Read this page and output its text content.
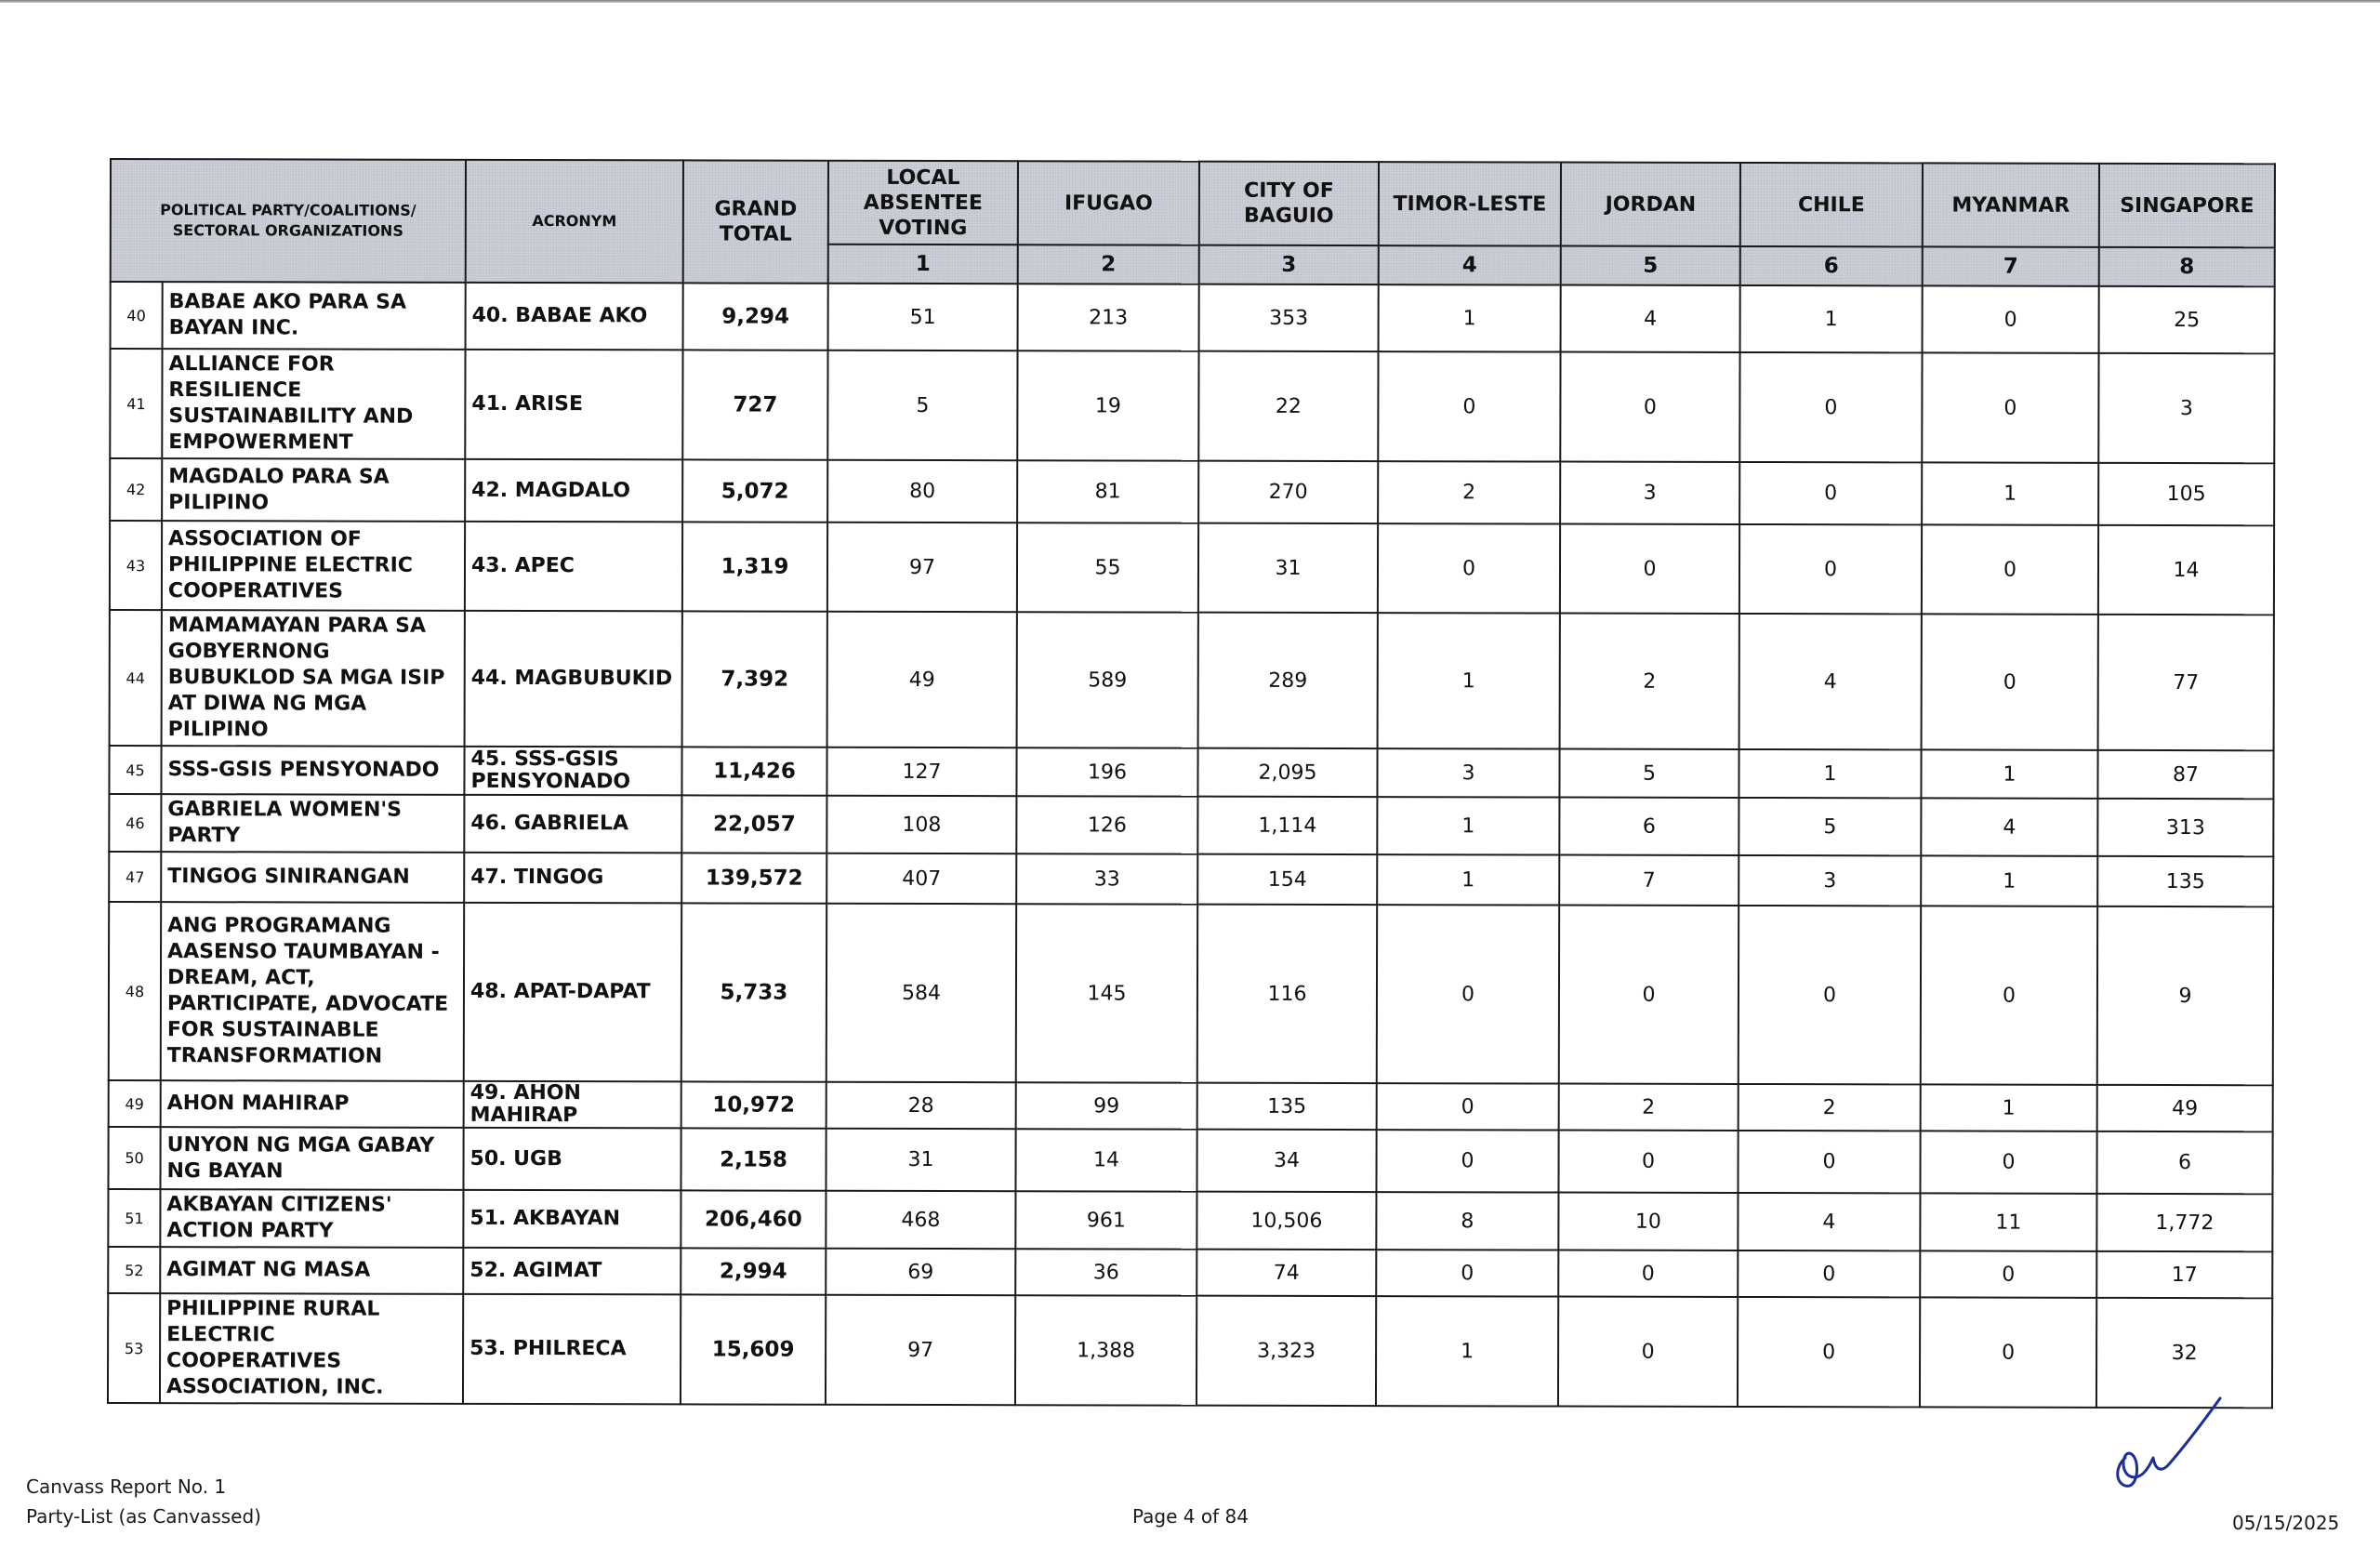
POLITICAL PARTY/COALITIONS/ SECTORAL ORGANIZATIONS		ACRONYM	GRAND TOTAL	LOCAL ABSENTEE VOTING	IFUGAO	CITY OF BAGUIO	TIMOR-LESTE	JORDAN	CHILE	MYANMAR	SINGAPORE
				1	2	3	4	5	6	7	8
40	BABAE AKO PARA SA BAYAN INC.	40. BABAE AKO	9,294	51	213	353	1	4	1	0	25
41	ALLIANCE FOR RESILIENCE SUSTAINABILITY AND EMPOWERMENT	41. ARISE	727	5	19	22	0	0	0	0	3
42	MAGDALO PARA SA PILIPINO	42. MAGDALO	5,072	80	81	270	2	3	0	1	105
43	ASSOCIATION OF PHILIPPINE ELECTRIC COOPERATIVES	43. APEC	1,319	97	55	31	0	0	0	0	14
44	MAMAMAYAN PARA SA GOBYERNONG BUBUKLOD SA MGA ISIP AT DIWA NG MGA PILIPINO	44. MAGBUBUKID	7,392	49	589	289	1	2	4	0	77
45	SSS-GSIS PENSYONADO	45. SSS-GSIS PENSYONADO	11,426	127	196	2,095	3	5	1	1	87
46	GABRIELA WOMEN'S PARTY	46. GABRIELA	22,057	108	126	1,114	1	6	5	4	313
47	TINGOG SINIRANGAN	47. TINGOG	139,572	407	33	154	1	7	3	1	135
48	ANG PROGRAMANG AASENSO TAUMBAYAN - DREAM, ACT, PARTICIPATE, ADVOCATE FOR SUSTAINABLE TRANSFORMATION	48. APAT-DAPAT	5,733	584	145	116	0	0	0	0	9
49	AHON MAHIRAP	49. AHON MAHIRAP	10,972	28	99	135	0	2	2	1	49
50	UNYON NG MGA GABAY NG BAYAN	50. UGB	2,158	31	14	34	0	0	0	0	6
51	AKBAYAN CITIZENS' ACTION PARTY	51. AKBAYAN	206,460	468	961	10,506	8	10	4	11	1,772
52	AGIMAT NG MASA	52. AGIMAT	2,994	69	36	74	0	0	0	0	17
53	PHILIPPINE RURAL ELECTRIC COOPERATIVES ASSOCIATION, INC.	53. PHILRECA	15,609	97	1,388	3,323	1	0	0	0	32
Canvass Report No. 1
Party-List (as Canvassed)	Page 4 of 84	05/15/2025
